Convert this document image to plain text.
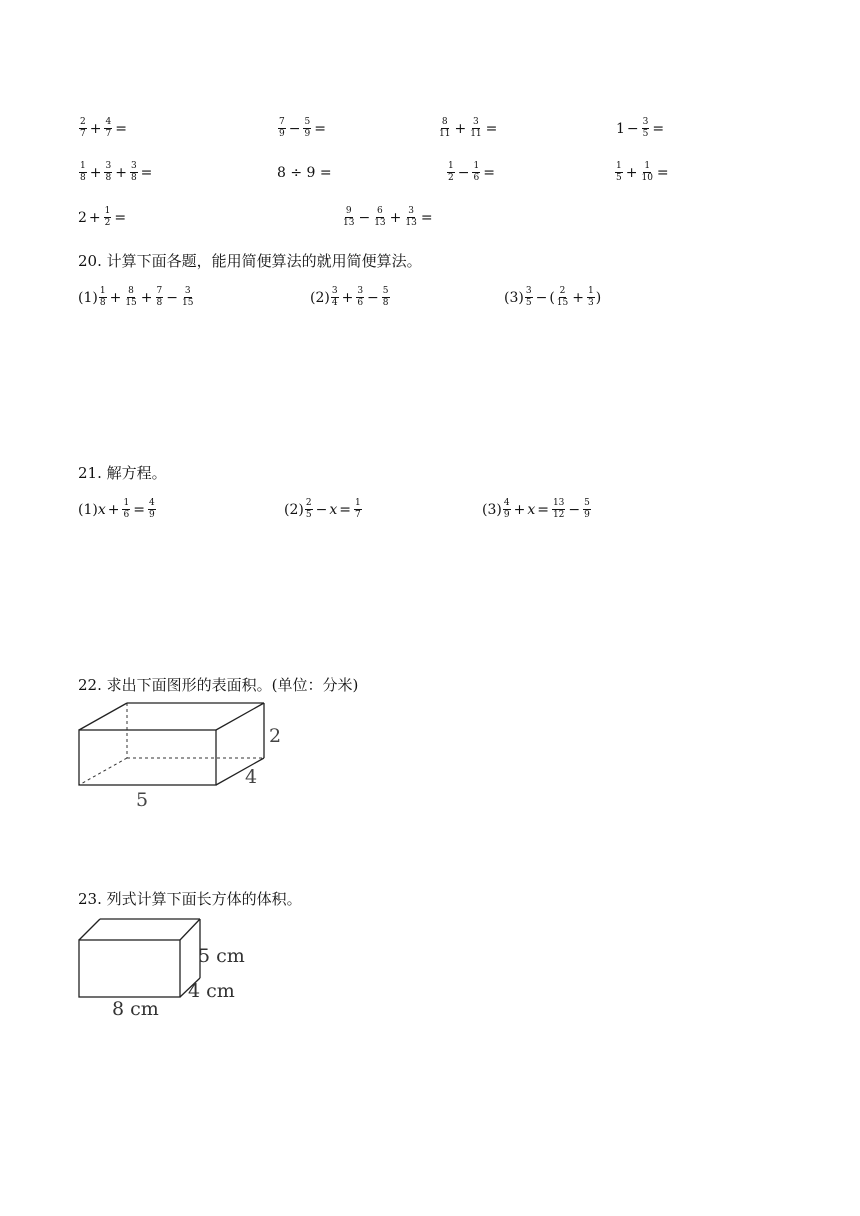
$\frac{2}{7} + \frac{4}{7}$ =	$\frac{7}{9} - \frac{5}{9}$ =	$\frac{8}{11} + \frac{3}{11}$ =	$1 - \frac{3}{5}$ =
$\frac{1}{8} + \frac{3}{8} + \frac{3}{8}$ =	8 ÷ 9 =	$\frac{1}{2} - \frac{1}{6}$ =	$\frac{1}{5} + \frac{1}{10}$ =
$2 + \frac{1}{2}$ =	$\frac{9}{13} - \frac{6}{13} + \frac{3}{13}$ =
20. 计算下面各题，能用简便算法的就用简便算法。
$(1) \frac{1}{8} + \frac{8}{15} + \frac{7}{8} - \frac{3}{15}$	$(2) \frac{3}{4} + \frac{3}{6} - \frac{5}{8}$	$(3) \frac{3}{5}$ − ( $\frac{2}{15} + \frac{1}{3}$ )
21. 解方程。
(1) $x + \frac{1}{6} = \frac{4}{9}$	$(2) \frac{2}{5} - x = \frac{1}{7}$	$(3) \frac{4}{9} + x = \frac{13}{12} - \frac{5}{9}$
22. 求出下面图形的表面积。(单位：分米)
2
4
5
23. 列式计算下面长方体的体积。
5 cm
4 cm
8 cm
